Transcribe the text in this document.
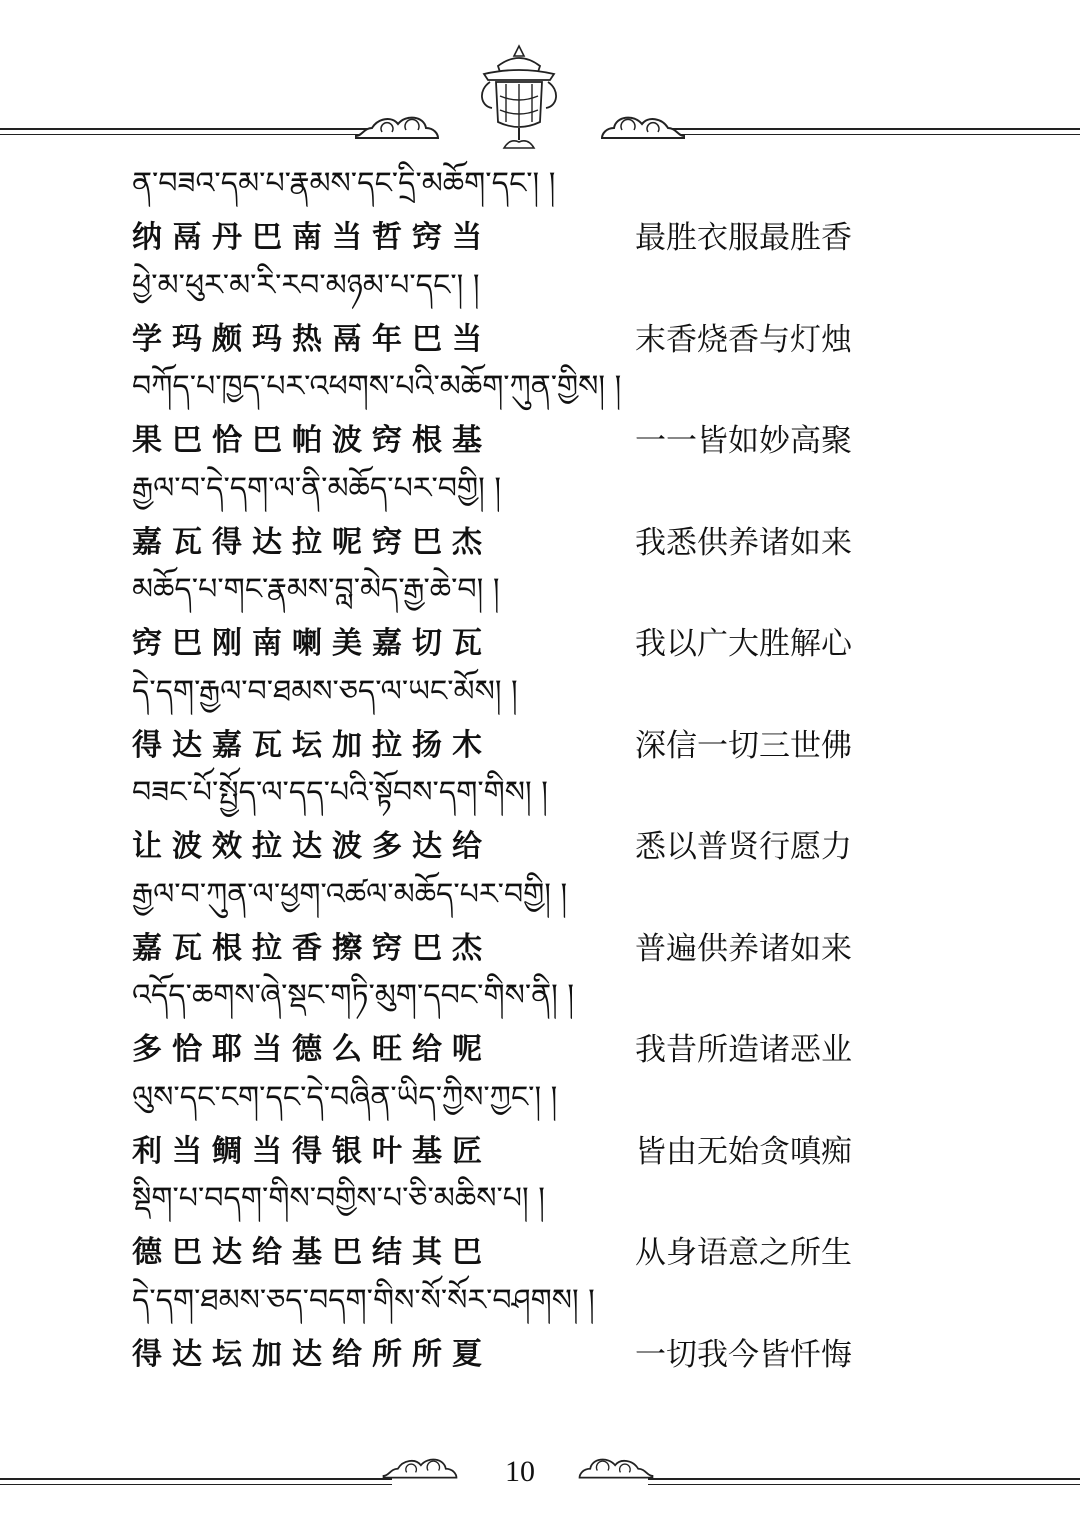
ན་བཟའ་དམ་པ་རྣམས་དང་དྲི་མཆོག་དང་། །
纳鬲丹巴南当哲窍当	最胜衣服最胜香
ཕྱེ་མ་ཕུར་མ་རི་རབ་མཉམ་པ་དང་། །
学玛颇玛热鬲年巴当	末香烧香与灯烛
བཀོད་པ་ཁྱད་པར་འཕགས་པའི་མཆོག་ཀུན་གྱིས། །
果巴恰巴帕波窍根基	一一皆如妙高聚
རྒྱལ་བ་དེ་དག་ལ་ནི་མཆོད་པར་བགྱི། །
嘉瓦得达拉呢窍巴杰	我悉供养诸如来
མཆོད་པ་གང་རྣམས་བླ་མེད་རྒྱ་ཆེ་བ། །
窍巴刚南喇美嘉切瓦	我以广大胜解心
དེ་དག་རྒྱལ་བ་ཐམས་ཅད་ལ་ཡང་མོས། །
得达嘉瓦坛加拉扬木	深信一切三世佛
བཟང་པོ་སྤྱོད་ལ་དད་པའི་སྟོབས་དག་གིས། །
让波效拉达波多达给	悉以普贤行愿力
རྒྱལ་བ་ཀུན་ལ་ཕྱག་འཚལ་མཆོད་པར་བགྱི། །
嘉瓦根拉香擦窍巴杰	普遍供养诸如来
འདོད་ཆགས་ཞེ་སྡང་གཏི་མུག་དབང་གིས་ནི། །
多恰耶当德么旺给呢	我昔所造诸恶业
ལུས་དང་ངག་དང་དེ་བཞིན་ཡིད་ཀྱིས་ཀྱང་། །
利当鲷当得银叶基匠	皆由无始贪嗔痴
སྡིག་པ་བདག་གིས་བགྱིས་པ་ཅི་མཆིས་པ། །
德巴达给基巴结其巴	从身语意之所生
དེ་དག་ཐམས་ཅད་བདག་གིས་སོ་སོར་བཤགས། །
得达坛加达给所所夏	一切我今皆忏悔
10
